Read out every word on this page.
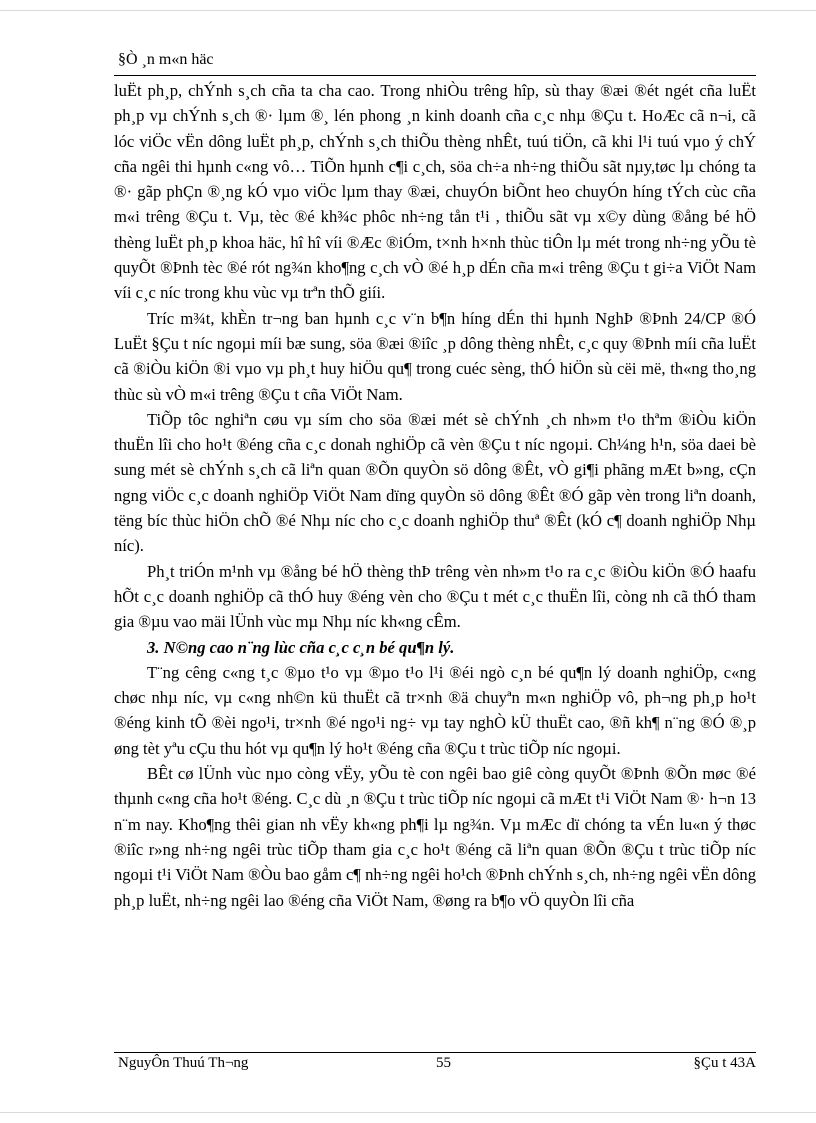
§Ò ¸n m«n häc

luËt ph¸p, chÝnh s¸ch cña ta cha cao. Trong nhiÒu trêng hîp, sù thay ®æi ®ét ngét cña luËt ph¸p vµ chÝnh s¸ch ®· lµm ®¸ lén phong ¸n kinh doanh cña c¸c nhµ ®Çu t. HoÆc cã n¬i, cã lóc viÖc vËn dông luËt ph¸p, chÝnh s¸ch thiÕu thèng nhÊt, tuú tiÖn, cã khi l¹i tuú vµo ý chÝ cña ngêi thi hµnh c«ng vô… TiÕn hµnh c¶i c¸ch, söa ch÷a nh÷ng thiÕu sãt nµy,tøc lµ chóng ta ®· gãp phÇn ®¸ng kÓ vµo viÖc lµm thay ®æi, chuyÓn biÕnt heo chuyÓn híng tÝch cùc cña m«i trêng ®Çu t. Vµ, tèc ®é kh¾c phôc nh÷ng tån t¹i , thiÕu sãt vµ x©y dùng ®ång bé hÖ thèng luËt ph¸p khoa häc, hî hî víi ®Æc ®iÓm, t×nh h×nh thùc tiÔn lµ mét trong nh÷ng yÕu tè quyÕt ®Þnh tèc ®é rót ng¾n kho¶ng c¸ch vÒ ®é h¸p dÉn cña m«i trêng ®Çu t gi÷a ViÖt Nam víi c¸c níc trong khu vùc vµ trªn thÕ giíi.

Tríc m¾t, khÈn tr¬ng ban hµnh c¸c v¨n b¶n híng dÉn thi hµnh NghÞ ®Þnh 24/CP ®Ó LuËt §Çu t níc ngoµi míi bæ sung, söa ®æi ®iîc ¸p dông thèng nhÊt, c¸c quy ®Þnh míi cña luËt cã ®iÒu kiÖn ®i vµo vµ ph¸t huy hiÖu qu¶ trong cuéc sèng, thÓ hiÖn sù cëi më, th«ng tho¸ng thùc sù vÒ m«i trêng ®Çu t cña ViÖt Nam.

TiÕp tôc nghiªn cøu vµ sím cho söa ®æi mét sè chÝnh ¸ch nh»m t¹o thªm ®iÒu kiÖn thuËn lîi cho ho¹t ®éng cña c¸c donah nghiÖp cã vèn ®Çu t níc ngoµi. Ch¼ng h¹n, söa daei bè sung mét sè chÝnh s¸ch cã liªn quan ®Õn quyÒn sö dông ®Êt, vÒ gi¶i phãng mÆt b»ng, cÇn ngng viÖc c¸c doanh nghiÖp ViÖt Nam dïng quyÒn sö dông ®Êt ®Ó gãp vèn trong liªn doanh, tëng bíc thùc hiÖn chÕ ®é Nhµ níc cho c¸c doanh nghiÖp thuª ®Êt (kÓ c¶ doanh nghiÖp Nhµ níc).

Ph¸t triÓn m¹nh vµ ®ång bé hÖ thèng thÞ trêng vèn nh»m t¹o ra c¸c ®iÒu kiÖn ®Ó haafu hÕt c¸c doanh nghiÖp cã thÓ huy ®éng vèn cho ®Çu t mét c¸c thuËn lîi, còng nh cã thÓ tham gia ®µu vao mäi lÜnh vùc mµ Nhµ níc kh«ng cÊm.

3. N©ng cao n¨ng lùc cña c¸c c¸n bé qu¶n lý.

T¨ng cêng c«ng t¸c ®µo t¹o vµ ®µo t¹o l¹i ®éi ngò c¸n bé qu¶n lý doanh nghiÖp, c«ng chøc nhµ níc, vµ c«ng nh©n kü thuËt cã tr×nh ®ä chuyªn m«n nghiÖp vô, ph¬ng ph¸p ho¹t ®éng kinh tÕ ®èi ngo¹i, tr×nh ®é ngo¹i ng÷ vµ tay nghÒ kÜ thuËt cao, ®ñ kh¶ n¨ng ®Ó ®¸p øng tèt yªu cÇu thu hót vµ qu¶n lý ho¹t ®éng cña ®Çu t trùc tiÕp níc ngoµi.

BÊt cø lÜnh vùc nµo còng vËy, yÕu tè con ngêi bao giê còng quyÕt ®Þnh ®Õn møc ®é thµnh c«ng cña ho¹t ®éng. C¸c dù ¸n ®Çu t trùc tiÕp níc ngoµi cã mÆt t¹i ViÖt Nam ®· h¬n 13 n¨m nay. Kho¶ng thêi gian nh vËy kh«ng ph¶i lµ ng¾n. Vµ mÆc dï chóng ta vÉn lu«n ý thøc ®iîc r»ng nh÷ng ngêi trùc tiÕp tham gia c¸c ho¹t ®éng cã liªn quan ®Õn ®Çu t trùc tiÕp níc ngoµi t¹i ViÖt Nam ®Òu bao gåm c¶ nh÷ng ngêi ho¹ch ®Þnh chÝnh s¸ch, nh÷ng ngêi vËn dông ph¸p luËt, nh÷ng ngêi lao ®éng cña ViÖt Nam, ®øng ra b¶o vÖ quyÒn lîi cña

NguyÔn Thuú Th¬ng	55	§Çu t 43A
